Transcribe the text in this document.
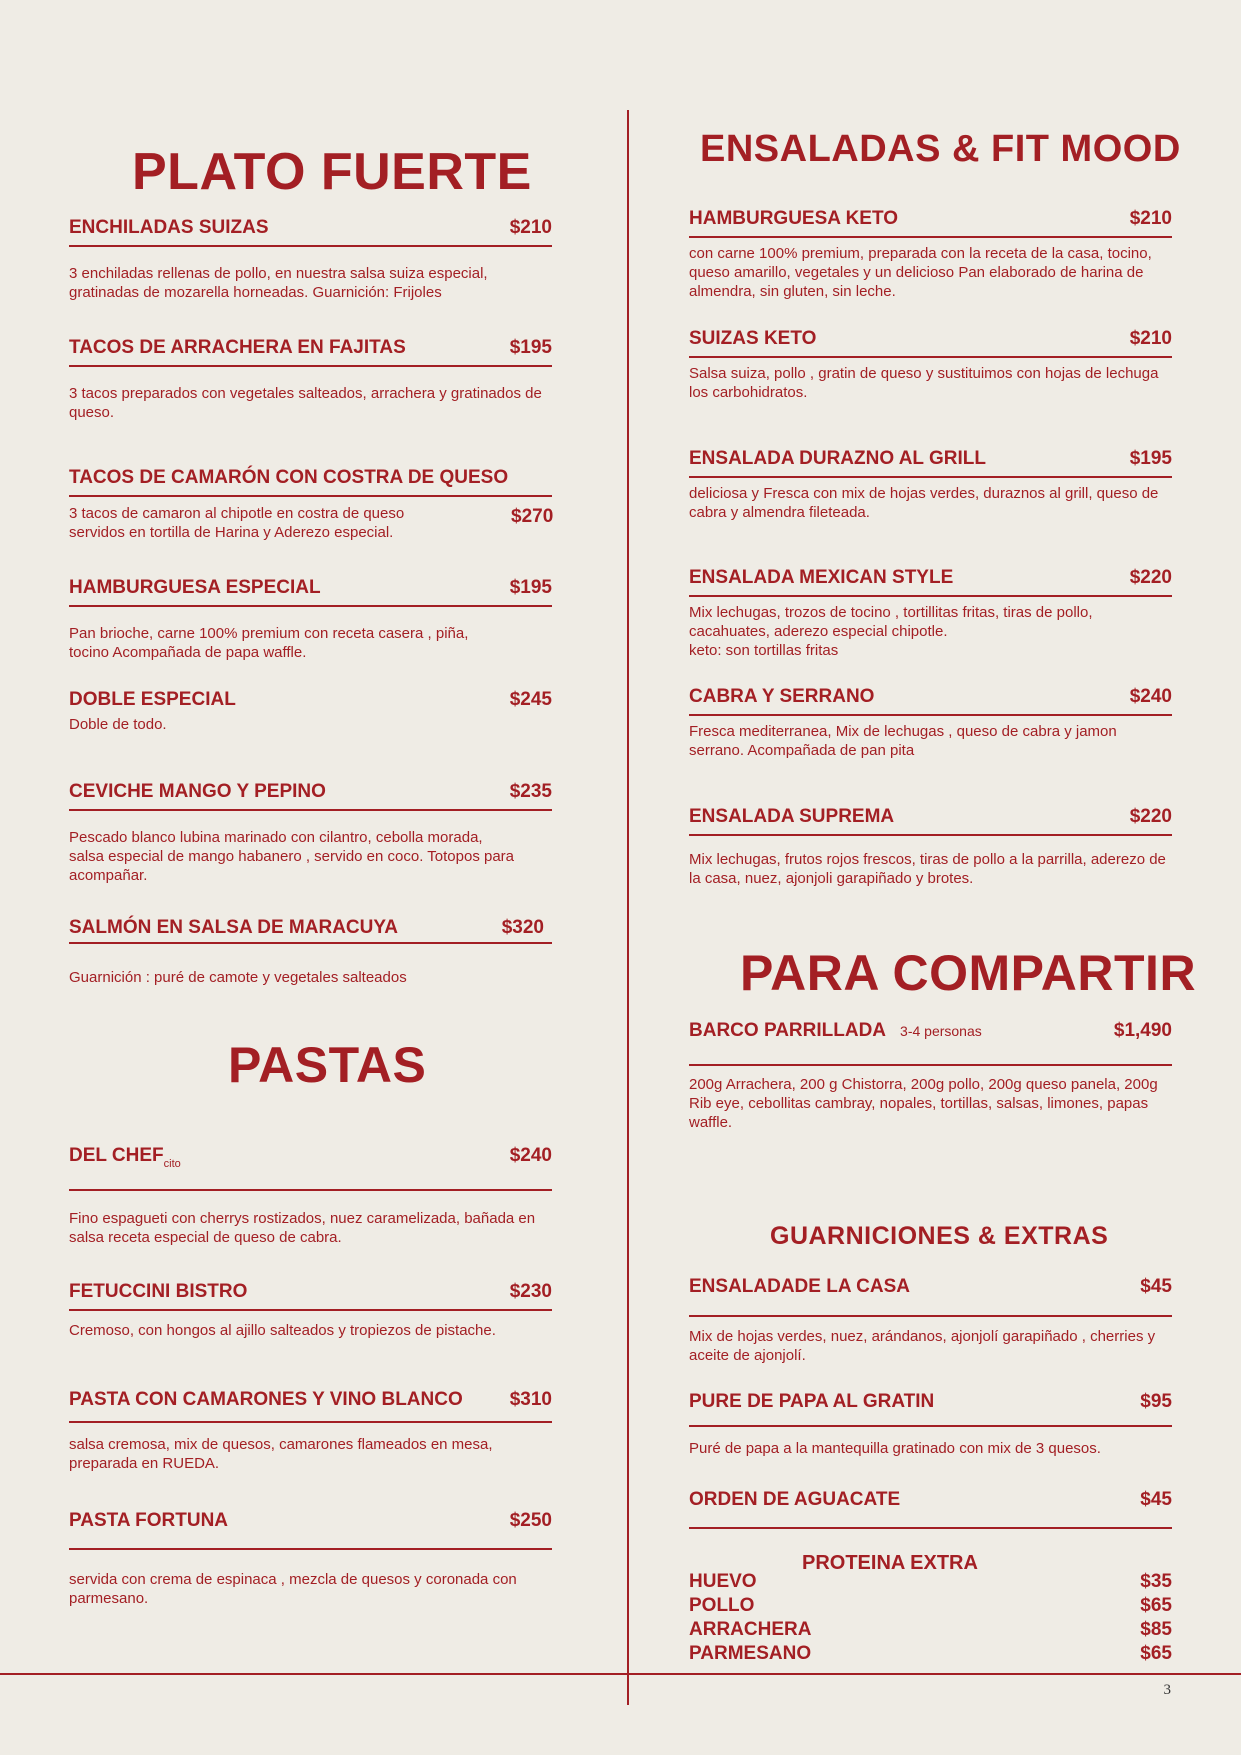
3
PLATO FUERTE
ENCHILADAS SUIZAS	$210
3 enchiladas rellenas de pollo, en nuestra salsa suiza especial, gratinadas de mozarella horneadas. Guarnición: Frijoles
TACOS DE ARRACHERA EN FAJITAS	$195
3 tacos preparados con vegetales salteados, arrachera y gratinados de queso.
TACOS DE CAMARÓN CON COSTRA DE QUESO
3 tacos de camaron al chipotle en costra de queso servidos en tortilla de Harina y Aderezo especial.
$270
HAMBURGUESA ESPECIAL	$195
Pan brioche, carne 100% premium con receta casera , piña, tocino Acompañada de papa waffle.
DOBLE ESPECIAL	$245
Doble de todo.
CEVICHE MANGO Y PEPINO	$235
Pescado blanco lubina marinado con cilantro, cebolla morada, salsa especial de mango habanero , servido en coco. Totopos para acompañar.
SALMÓN EN SALSA DE MARACUYA	$320
Guarnición : puré de camote y vegetales salteados
PASTAS
DEL $CHEF_{cito}$	$240
Fino espagueti con cherrys rostizados, nuez caramelizada, bañada en salsa receta especial de queso de cabra.
FETUCCINI BISTRO	$230
Cremoso, con hongos al ajillo salteados y tropiezos de pistache.
PASTA CON CAMARONES Y VINO BLANCO $310
salsa cremosa, mix de quesos, camarones flameados en mesa, preparada en RUEDA.
PASTA FORTUNA	$250
servida con crema de espinaca , mezcla de quesos y coronada con parmesano.
ENSALADAS & FIT MOOD
HAMBURGUESA KETO	$210
con carne 100% premium, preparada con la receta de la casa, tocino, queso amarillo, vegetales y un delicioso Pan elaborado de harina de almendra, sin gluten, sin leche.
SUIZAS KETO	$210
Salsa suiza, pollo , gratin de queso y sustituimos con hojas de lechuga los carbohidratos.
ENSALADA DURAZNO AL GRILL	$195
deliciosa y Fresca con mix de hojas verdes, duraznos al grill, queso de cabra y almendra fileteada.
ENSALADA MEXICAN STYLE	$220
Mix lechugas, trozos de tocino , tortillitas fritas, tiras de pollo, cacahuates, aderezo especial chipotle.
keto: son tortillas fritas
CABRA Y SERRANO	$240
Fresca mediterranea, Mix de lechugas , queso de cabra y jamon serrano. Acompañada de pan pita
ENSALADA SUPREMA	$220
Mix lechugas, frutos rojos frescos, tiras de pollo a la parrilla, aderezo de la casa, nuez, ajonjoli garapiñado y brotes.
PARA COMPARTIR
BARCO PARRILLADA 3-4 personas	$1,490
200g Arrachera, 200 g Chistorra, 200g pollo, 200g queso panela, 200g Rib eye, cebollitas cambray, nopales, tortillas, salsas, limones, papas waffle.
GUARNICIONES & EXTRAS
ENSALADADE LA CASA	$45
Mix de hojas verdes, nuez, arándanos, ajonjolí garapiñado , cherries y aceite de ajonjolí.
PURE DE PAPA AL GRATIN	$95
Puré de papa a la mantequilla gratinado con mix de 3 quesos.
ORDEN DE AGUACATE	$45
PROTEINA EXTRA
HUEVO	$35
POLLO	$65
ARRACHERA	$85
PARMESANO	$65
